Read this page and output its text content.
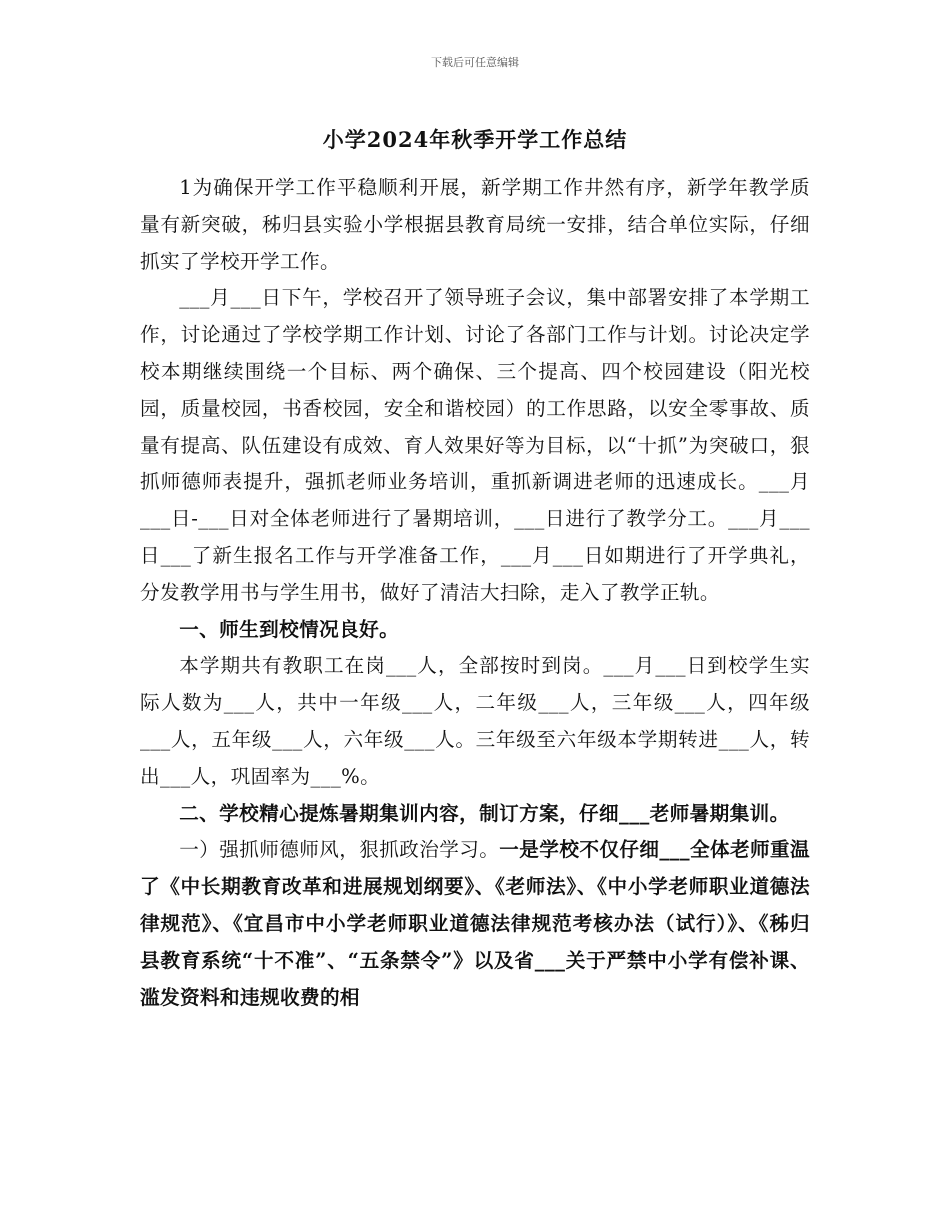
下载后可任意编辑
小学2024年秋季开学工作总结

1为确保开学工作平稳顺利开展，新学期工作井然有序，新学年教学质量有新突破，秭归县实验小学根据县教育局统一安排，结合单位实际，仔细抓实了学校开学工作。

___月___日下午，学校召开了领导班子会议，集中部署安排了本学期工作，讨论通过了学校学期工作计划、讨论了各部门工作与计划。讨论决定学校本期继续围绕一个目标、两个确保、三个提高、四个校园建设（阳光校园，质量校园，书香校园，安全和谐校园）的工作思路，以安全零事故、质量有提高、队伍建设有成效、育人效果好等为目标，以“十抓”为突破口，狠抓师德师表提升，强抓老师业务培训，重抓新调进老师的迅速成长。___月___日-___日对全体老师进行了暑期培训，___日进行了教学分工。___月___日___了新生报名工作与开学准备工作，___月___日如期进行了开学典礼，分发教学用书与学生用书，做好了清洁大扫除，走入了教学正轨。

一、师生到校情况良好。

本学期共有教职工在岗___人，全部按时到岗。___月___日到校学生实际人数为___人，共中一年级___人，二年级___人，三年级___人，四年级___人，五年级___人，六年级___人。三年级至六年级本学期转进___人，转出___人，巩固率为___%。

二、学校精心提炼暑期集训内容，制订方案，仔细___老师暑期集训。

一）强抓师德师风，狠抓政治学习。一是学校不仅仔细___全体老师重温了《中长期教育改革和进展规划纲要》、《老师法》、《中小学老师职业道德法律规范》、《宜昌市中小学老师职业道德法律规范考核办法（试行）》、《秭归县教育系统“十不准”、“五条禁令”》以及省___关于严禁中小学有偿补课、滥发资料和违规收费的相
